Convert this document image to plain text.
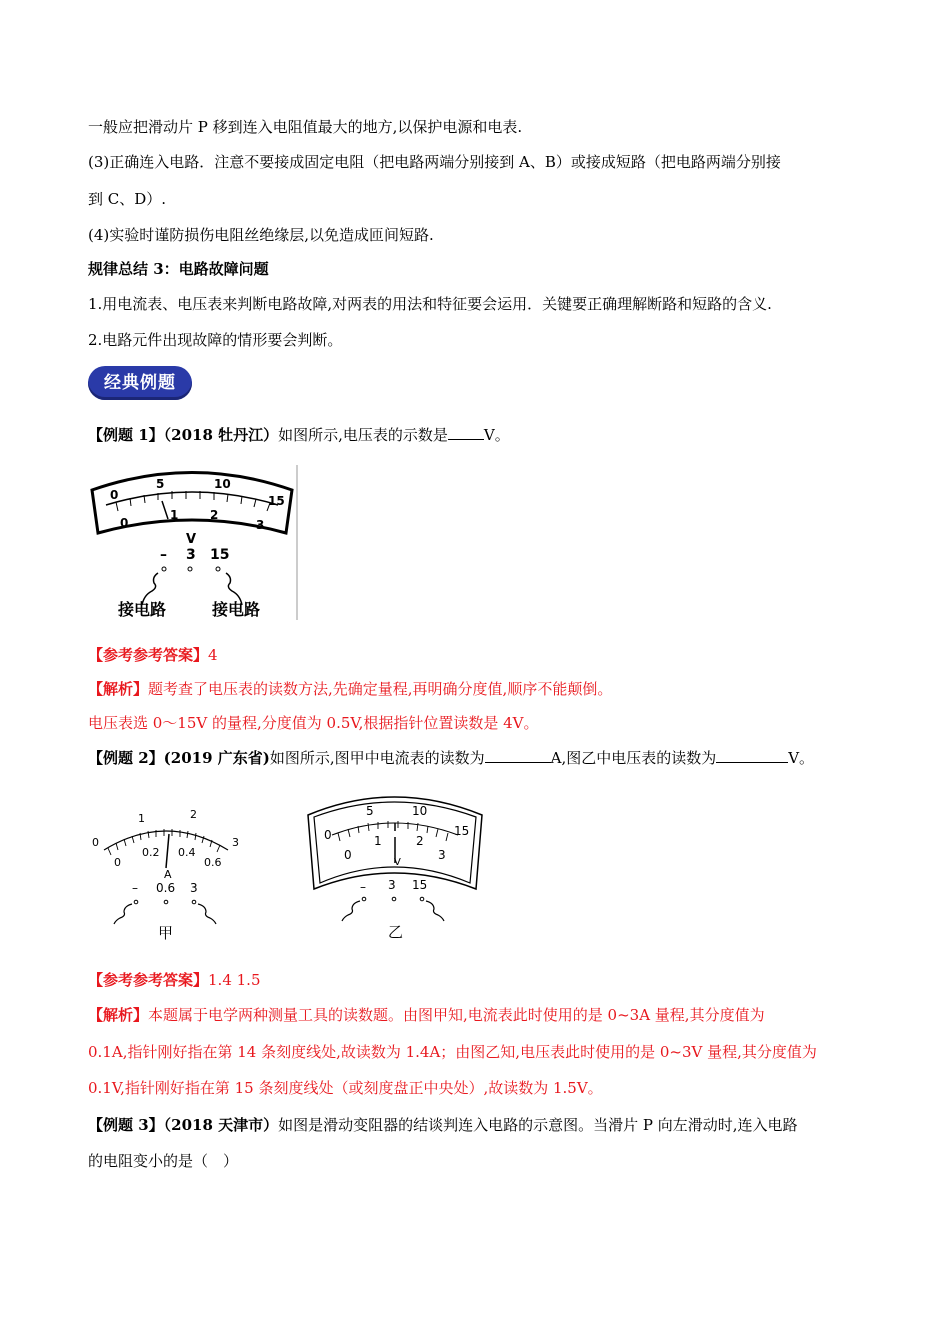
一般应把滑动片 P 移到连入电阻值最大的地方,以保护电源和电表.
(3)正确连入电路．注意不要接成固定电阻（把电路两端分别接到 A、B）或接成短路（把电路两端分别接
到 C、D）.
(4)实验时谨防损伤电阻丝绝缘层,以免造成匝间短路.
规律总结 3：电路故障问题
1.用电流表、电压表来判断电路故障,对两表的用法和特征要会运用．关键要正确理解断路和短路的含义.
2.电路元件出现故障的情形要会判断。
经典例题
【例题 1】（2018 牡丹江）如图所示,电压表的示数是 V。
0
5	10
15
0
1	2
3
V
– 3 15
接电路	接电路
【参考参考答案】4
【解析】题考查了电压表的读数方法,先确定量程,再明确分度值,顺序不能颠倒。
电压表选 0～15V 的量程,分度值为 0.5V,根据指针位置读数是 4V。
【例题 2】(2019 广东省)如图所示,图甲中电流表的读数为	A,图乙中电压表的读数为	V。
0
1	2
3
0
0.2 0.4
0.6
A
– 0.6 3
甲
0
5	10
15
0
1	2
3
V
– 3 15
乙
【参考参考答案】1.4 1.5
【解析】本题属于电学两种测量工具的读数题。由图甲知,电流表此时使用的是 0~3A 量程,其分度值为
0.1A,指针刚好指在第 14 条刻度线处,故读数为 1.4A；由图乙知,电压表此时使用的是 0~3V 量程,其分度值为
0.1V,指针刚好指在第 15 条刻度线处（或刻度盘正中央处）,故读数为 1.5V。
【例题 3】（2018 天津市）如图是滑动变阻器的结谈判连入电路的示意图。当滑片 P 向左滑动时,连入电路
的电阻变小的是（　）
